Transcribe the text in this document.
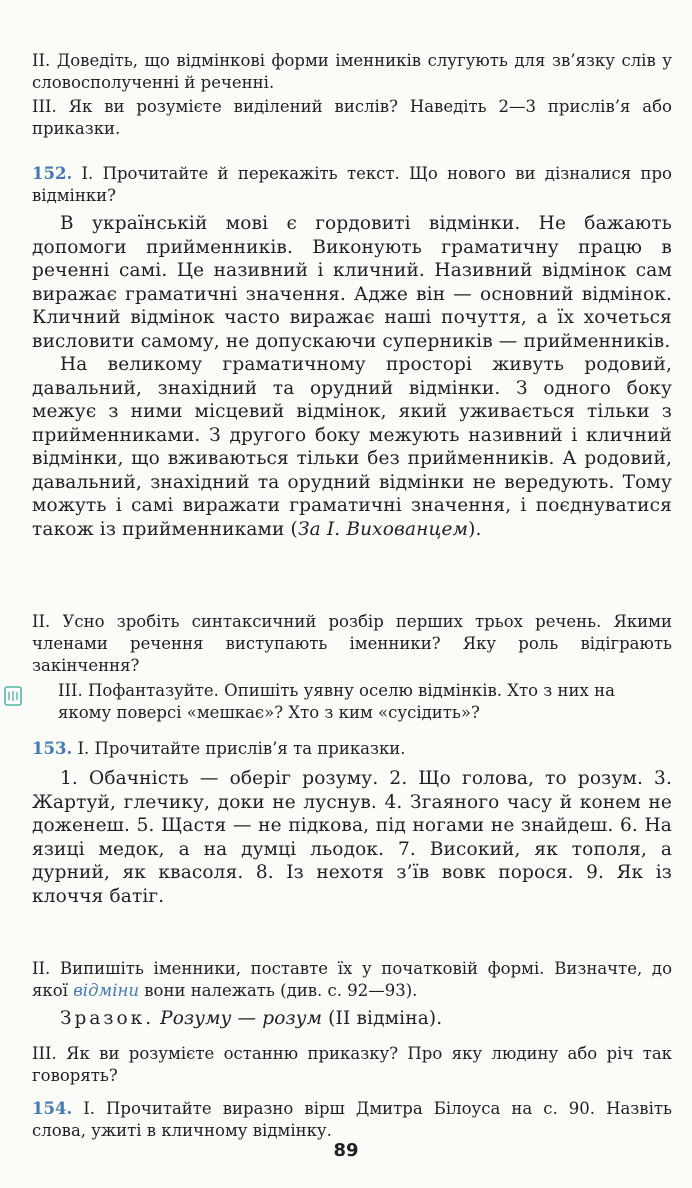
II. Доведіть, що відмінкові форми іменників слугують для зв’язку слів у словосполученні й реченні.
III. Як ви розумієте виділений вислів? Наведіть 2—3 прислів’я або приказки.
152. І. Прочитайте й перекажіть текст. Що нового ви дізналися про відмінки?

В українській мові є гордовиті відмінки. Не бажають допомоги прийменників. Виконують граматичну працю в реченні самі. Це називний і кличний. Називний відмінок сам виражає граматичні значення. Адже він — основний відмінок. Кличний відмінок часто виражає наші почуття, а їх хочеться висловити самому, не допускаючи суперників — прийменників.

На великому граматичному просторі живуть родовий, давальний, знахідний та орудний відмінки. З одного боку межує з ними місцевий відмінок, який уживається тільки з прийменниками. З другого боку межують називний і кличний відмінки, що вживаються тільки без прийменників. А родовий, давальний, знахідний та орудний відмінки не вередують. Тому можуть і самі виражати граматичні значення, і поєднуватися також із прийменниками (За І. Вихованцем).

II. Усно зробіть синтаксичний розбір перших трьох речень. Якими членами речення виступають іменники? Яку роль відіграють закінчення?
III. Пофантазуйте. Опишіть уявну оселю відмінків. Хто з них на якому поверсі «мешкає»? Хто з ким «сусідить»?
153. І. Прочитайте прислів’я та приказки.

1. Обачність — оберіг розуму. 2. Що голова, то розум. 3. Жартуй, глечику, доки не луснув. 4. Згаяного часу й конем не доженеш. 5. Щастя — не підкова, під ногами не знайдеш. 6. На язиці медок, а на думці льодок. 7. Високий, як тополя, а дурний, як квасоля. 8. Із нехотя з’їв вовк порося. 9. Як із клоччя батіг.

II. Випишіть іменники, поставте їх у початковій формі. Визначте, до якої відміни вони належать (див. с. 92—93).

Зразок. Розуму — розум (II відміна).

III. Як ви розумієте останню приказку? Про яку людину або річ так говорять?
154. І. Прочитайте виразно вірш Дмитра Білоуса на с. 90. Назвіть слова, ужиті в кличному відмінку.
89
